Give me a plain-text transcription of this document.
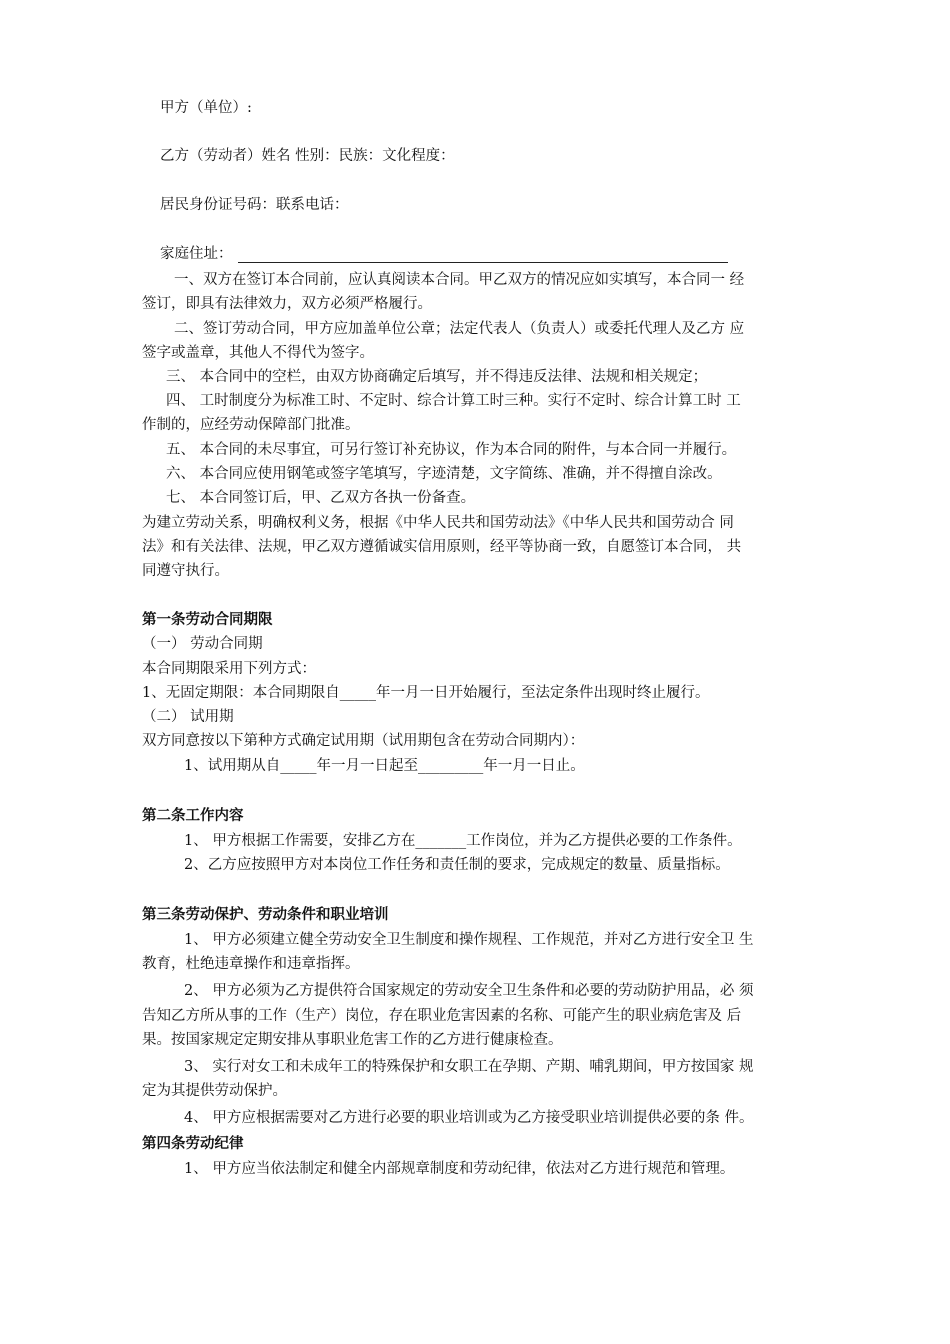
甲方（单位）:
乙方（劳动者）姓名 性别：民族：文化程度：
居民身份证号码：联系电话：
家庭住址：
一、双方在签订本合同前，应认真阅读本合同。甲乙双方的情况应如实填写，本合同一 经
签订，即具有法律效力，双方必须严格履行。
二、签订劳动合同，甲方应加盖单位公章；法定代表人（负责人）或委托代理人及乙方 应
签字或盖章，其他人不得代为签字。
三、 本合同中的空栏，由双方协商确定后填写，并不得违反法律、法规和相关规定；
四、 工时制度分为标准工时、不定时、综合计算工时三种。实行不定时、综合计算工时 工
作制的，应经劳动保障部门批准。
五、 本合同的未尽事宜，可另行签订补充协议，作为本合同的附件，与本合同一并履行。
六、 本合同应使用钢笔或签字笔填写，字迹清楚，文字简练、准确，并不得擅自涂改。
七、 本合同签订后，甲、乙双方各执一份备查。
为建立劳动关系，明确权利义务，根据《中华人民共和国劳动法》《中华人民共和国劳动合 同
法》和有关法律、法规，甲乙双方遵循诚实信用原则，经平等协商一致，自愿签订本合同， 共
同遵守执行。
第一条劳动合同期限
（一） 劳动合同期
本合同期限采用下列方式：
1、无固定期限：本合同期限自_____年一月一日开始履行，至法定条件出现时终止履行。
（二） 试用期
双方同意按以下第种方式确定试用期（试用期包含在劳动合同期内）：
1、试用期从自_____年一月一日起至_________年一月一日止。
第二条工作内容
1、 甲方根据工作需要，安排乙方在_______工作岗位，并为乙方提供必要的工作条件。
2、乙方应按照甲方对本岗位工作任务和责任制的要求，完成规定的数量、质量指标。
第三条劳动保护、劳动条件和职业培训
1、 甲方必须建立健全劳动安全卫生制度和操作规程、工作规范，并对乙方进行安全卫 生
教育，杜绝违章操作和违章指挥。
2、 甲方必须为乙方提供符合国家规定的劳动安全卫生条件和必要的劳动防护用品，必 须
告知乙方所从事的工作（生产）岗位，存在职业危害因素的名称、可能产生的职业病危害及 后
果。按国家规定定期安排从事职业危害工作的乙方进行健康检查。
3、 实行对女工和未成年工的特殊保护和女职工在孕期、产期、哺乳期间，甲方按国家 规
定为其提供劳动保护。
4、 甲方应根据需要对乙方进行必要的职业培训或为乙方接受职业培训提供必要的条 件。
第四条劳动纪律
1、 甲方应当依法制定和健全内部规章制度和劳动纪律，依法对乙方进行规范和管理。
